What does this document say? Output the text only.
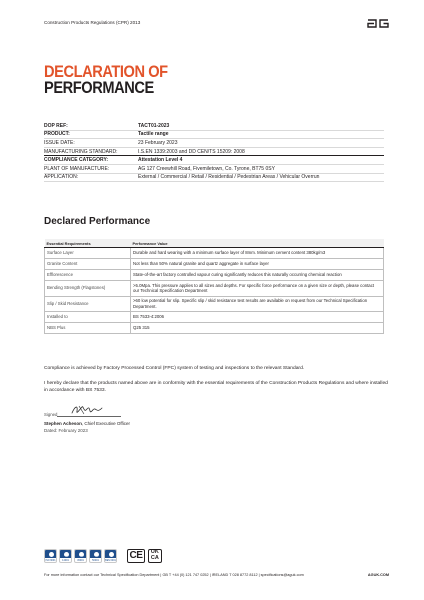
Construction Products Regulations (CPR) 2013
DECLARATION OF
PERFORMANCE
DOP REF:	TACT01-2023
PRODUCT:	Tactile range
ISSUE DATE:	23 February 2023
MANUFACTURING STANDARD:	I.S.EN 1339:2003 and DD CEN/TS 15209: 2008
COMPLIANCE CATEGORY:	Attestation Level 4
PLANT OF MANUFACTURE:	AG 127 Creewhill Road, Fivemiletown, Co. Tyrone, BT75 0SY
APPLICATION:	External / Commercial / Retail / Residential / Pedestrian Areas / Vehicular Overrun
Declared Performance
Essential Requirements	Performance Value
Surface Layer	Durable and hard wearing with a minimum surface layer of 8mm. Minimum cement content 380kg/m3
Granite Content	Not less than 50% natural granite and quartz aggregate in surface layer
Efflorescence	State-of-the-art factory controlled vapour curing significantly reduces this naturally occurring chemical reaction
Bending Strength (Flagstones)	>5.0Mpa. This pressure applies to all sizes and depths. For specific force performance on a given size or depth, please contact our Technical Specification Department
Slip / Skid Resistance	>60 low potential for slip. Specific slip / skid resistance test results are available on request from our Technical Specification Department.
Installed to	BS 7533-4:2006
NBS Plus	Q25 315

Compliance is achieved by Factory Processed Control (FPC) system of testing and inspections to the relevant Standard.

I hereby declare that the products named above are in conformity with the essential requirements of the Construction Products Regulations and where installed in accordance with BS 7533.

Signed
Stephen Acheson, Chief Executive Officer
Dated: February 2023
ISO 9001
ISO 14001
ISO 45001
ISO 50001	BES 6001 CE	UK
CA
For more information contact our Technical Specification Department | GB T +44 (0) 121 747 0252 | IRELAND T 028 8772 8112 | specifications@aguk.com	AGUK.COM
